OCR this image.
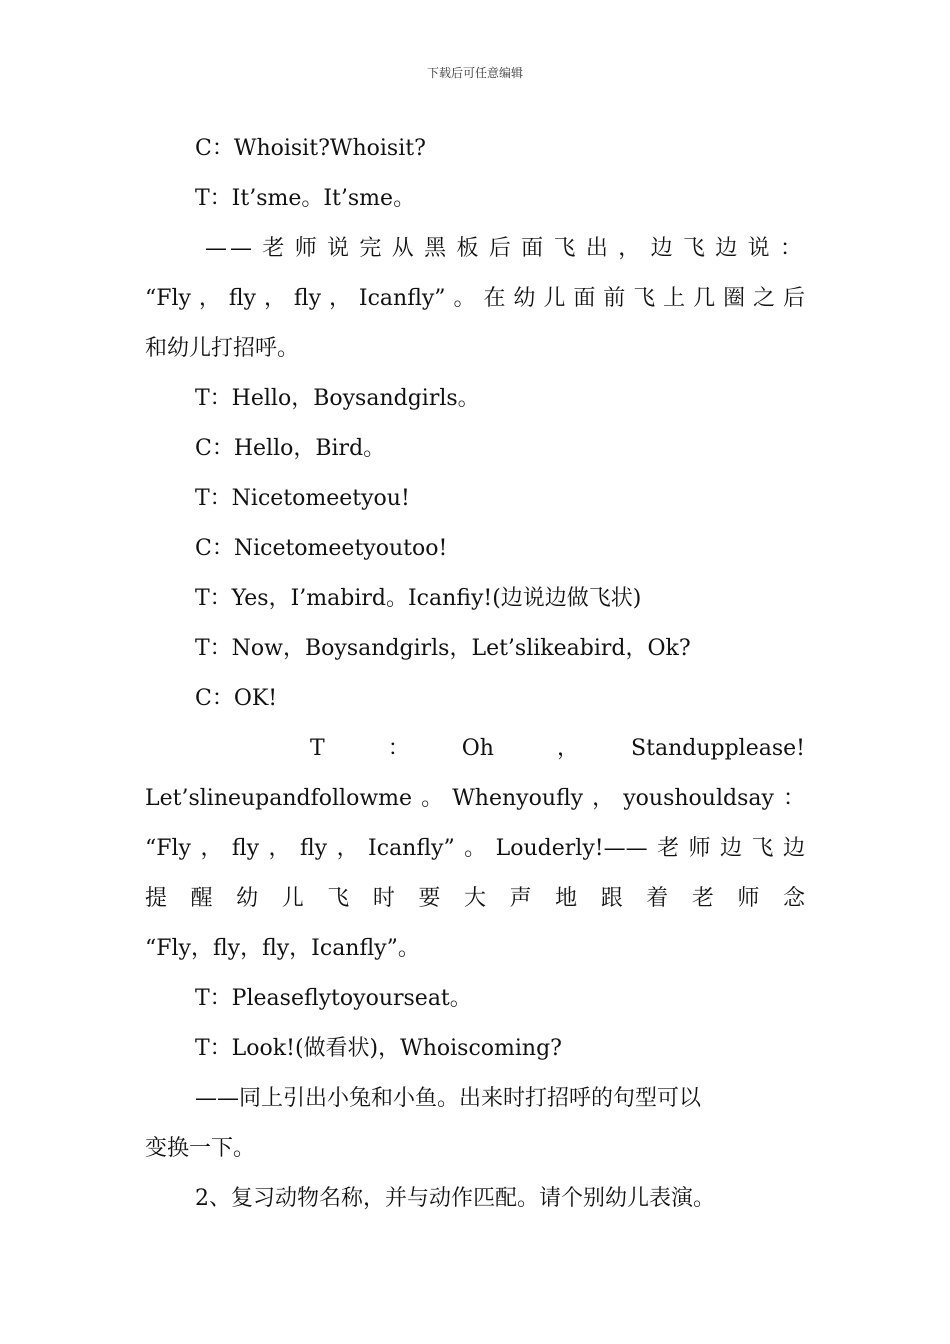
下载后可任意编辑
C：Whoisit?Whoisit?
T：It’sme。It’sme。
——老师说完从黑板后面飞出，边飞边说：
“Fly，fly，fly，Icanfly”。在幼儿面前飞上几圈之后
和幼儿打招呼。
T：Hello，Boysandgirls。
C：Hello，Bird。
T：Nicetomeetyou!
C：Nicetomeetyoutoo!
T：Yes，I’mabird。Icanfiy!(边说边做飞状)
T：Now，Boysandgirls，Let’slikeabird，Ok?
C：OK!
T　：　Oh　，　Standupplease!
Let’slineupandfollowme。Whenyoufly，youshouldsay：
“Fly，fly，fly，Icanfly”。Louderly!——老师边飞边
提醒幼儿飞时要大声地跟着老师念
“Fly，fly，fly，Icanfly”。
T：Pleaseflytoyourseat。
T：Look!(做看状)，Whoiscoming?
——同上引出小兔和小鱼。出来时打招呼的句型可以
变换一下。
2、复习动物名称，并与动作匹配。请个别幼儿表演。
